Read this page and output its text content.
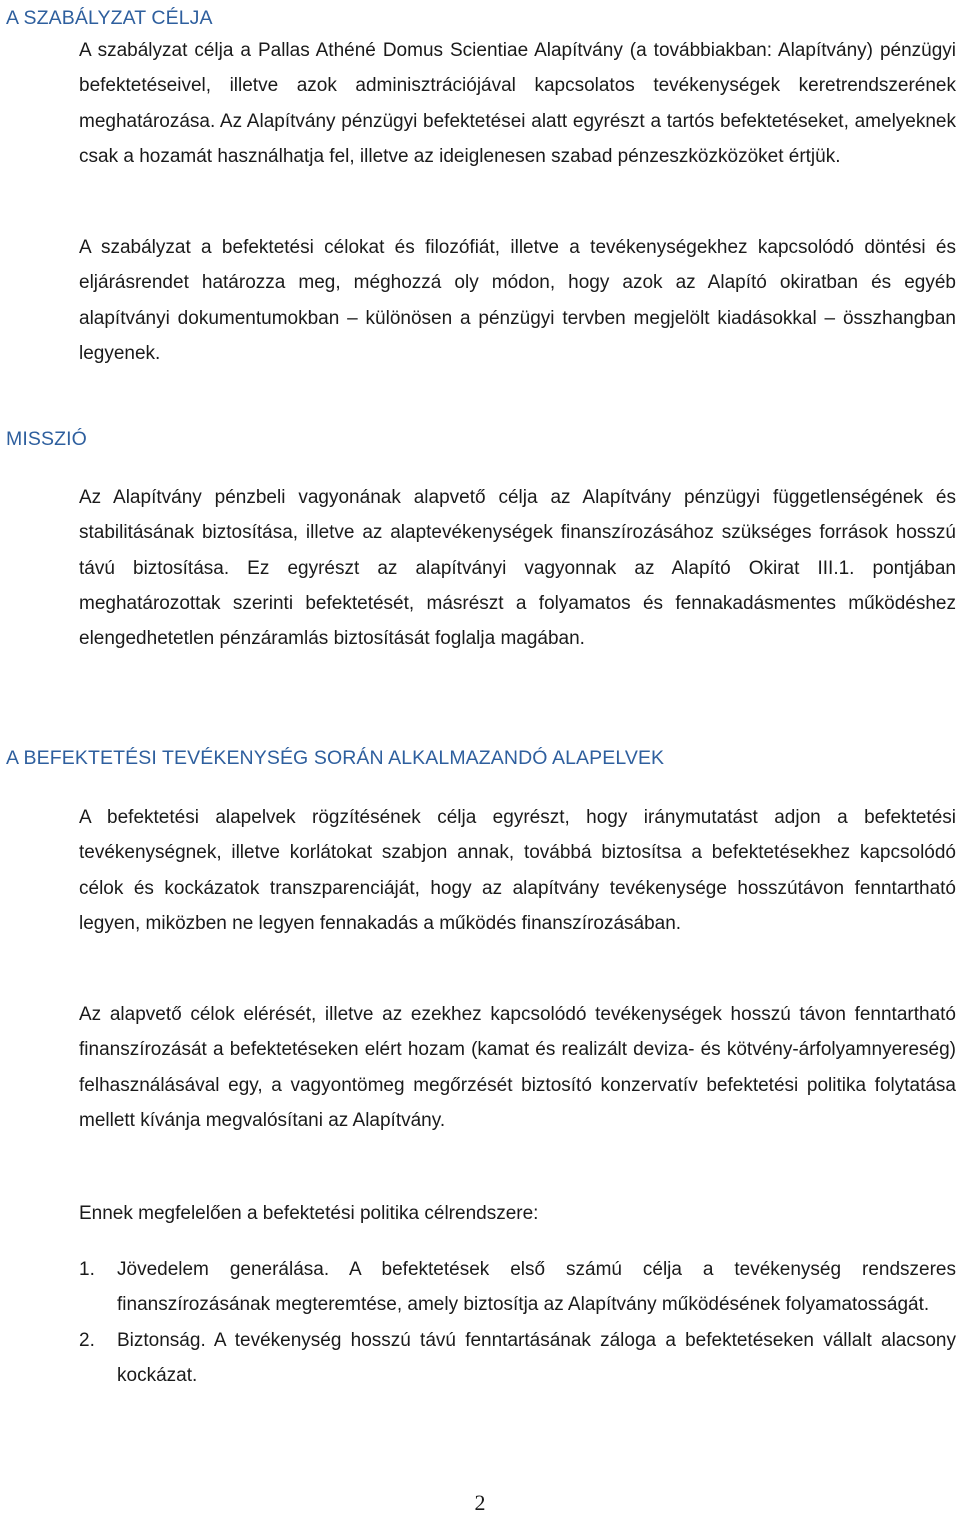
A SZABÁLYZAT CÉLJA

A szabályzat célja a Pallas Athéné Domus Scientiae Alapítvány (a továbbiakban: Alapítvány) pénzügyi befektetéseivel, illetve azok adminisztrációjával kapcsolatos tevékenységek keretrendszerének meghatározása. Az Alapítvány pénzügyi befektetései alatt egyrészt a tartós befektetéseket, amelyeknek csak a hozamát használhatja fel, illetve az ideiglenesen szabad pénzeszközközöket értjük.

A szabályzat a befektetési célokat és filozófiát, illetve a tevékenységekhez kapcsolódó döntési és eljárásrendet határozza meg, méghozzá oly módon, hogy azok az Alapító okiratban és egyéb alapítványi dokumentumokban – különösen a pénzügyi tervben megjelölt kiadásokkal – összhangban legyenek.

MISSZIÓ

Az Alapítvány pénzbeli vagyonának alapvető célja az Alapítvány pénzügyi függetlenségének és stabilitásának biztosítása, illetve az alaptevékenységek finanszírozásához szükséges források hosszú távú biztosítása. Ez egyrészt az alapítványi vagyonnak az Alapító Okirat III.1. pontjában meghatározottak szerinti befektetését, másrészt a folyamatos és fennakadásmentes működéshez elengedhetetlen pénzáramlás biztosítását foglalja magában.

A BEFEKTETÉSI TEVÉKENYSÉG SORÁN ALKALMAZANDÓ ALAPELVEK

A befektetési alapelvek rögzítésének célja egyrészt, hogy iránymutatást adjon a befektetési tevékenységnek, illetve korlátokat szabjon annak, továbbá biztosítsa a befektetésekhez kapcsolódó célok és kockázatok transzparenciáját, hogy az alapítvány tevékenysége hosszútávon fenntartható legyen, miközben ne legyen fennakadás a működés finanszírozásában.

Az alapvető célok elérését, illetve az ezekhez kapcsolódó tevékenységek hosszú távon fenntartható finanszírozását a befektetéseken elért hozam (kamat és realizált deviza- és kötvény-árfolyamnyereség) felhasználásával egy, a vagyontömeg megőrzését biztosító konzervatív befektetési politika folytatása mellett kívánja megvalósítani az Alapítvány.

Ennek megfelelően a befektetési politika célrendszere:

1. Jövedelem generálása. A befektetések első számú célja a tevékenység rendszeres finanszírozásának megteremtése, amely biztosítja az Alapítvány működésének folyamatosságát.
2. Biztonság. A tevékenység hosszú távú fenntartásának záloga a befektetéseken vállalt alacsony kockázat.
2
